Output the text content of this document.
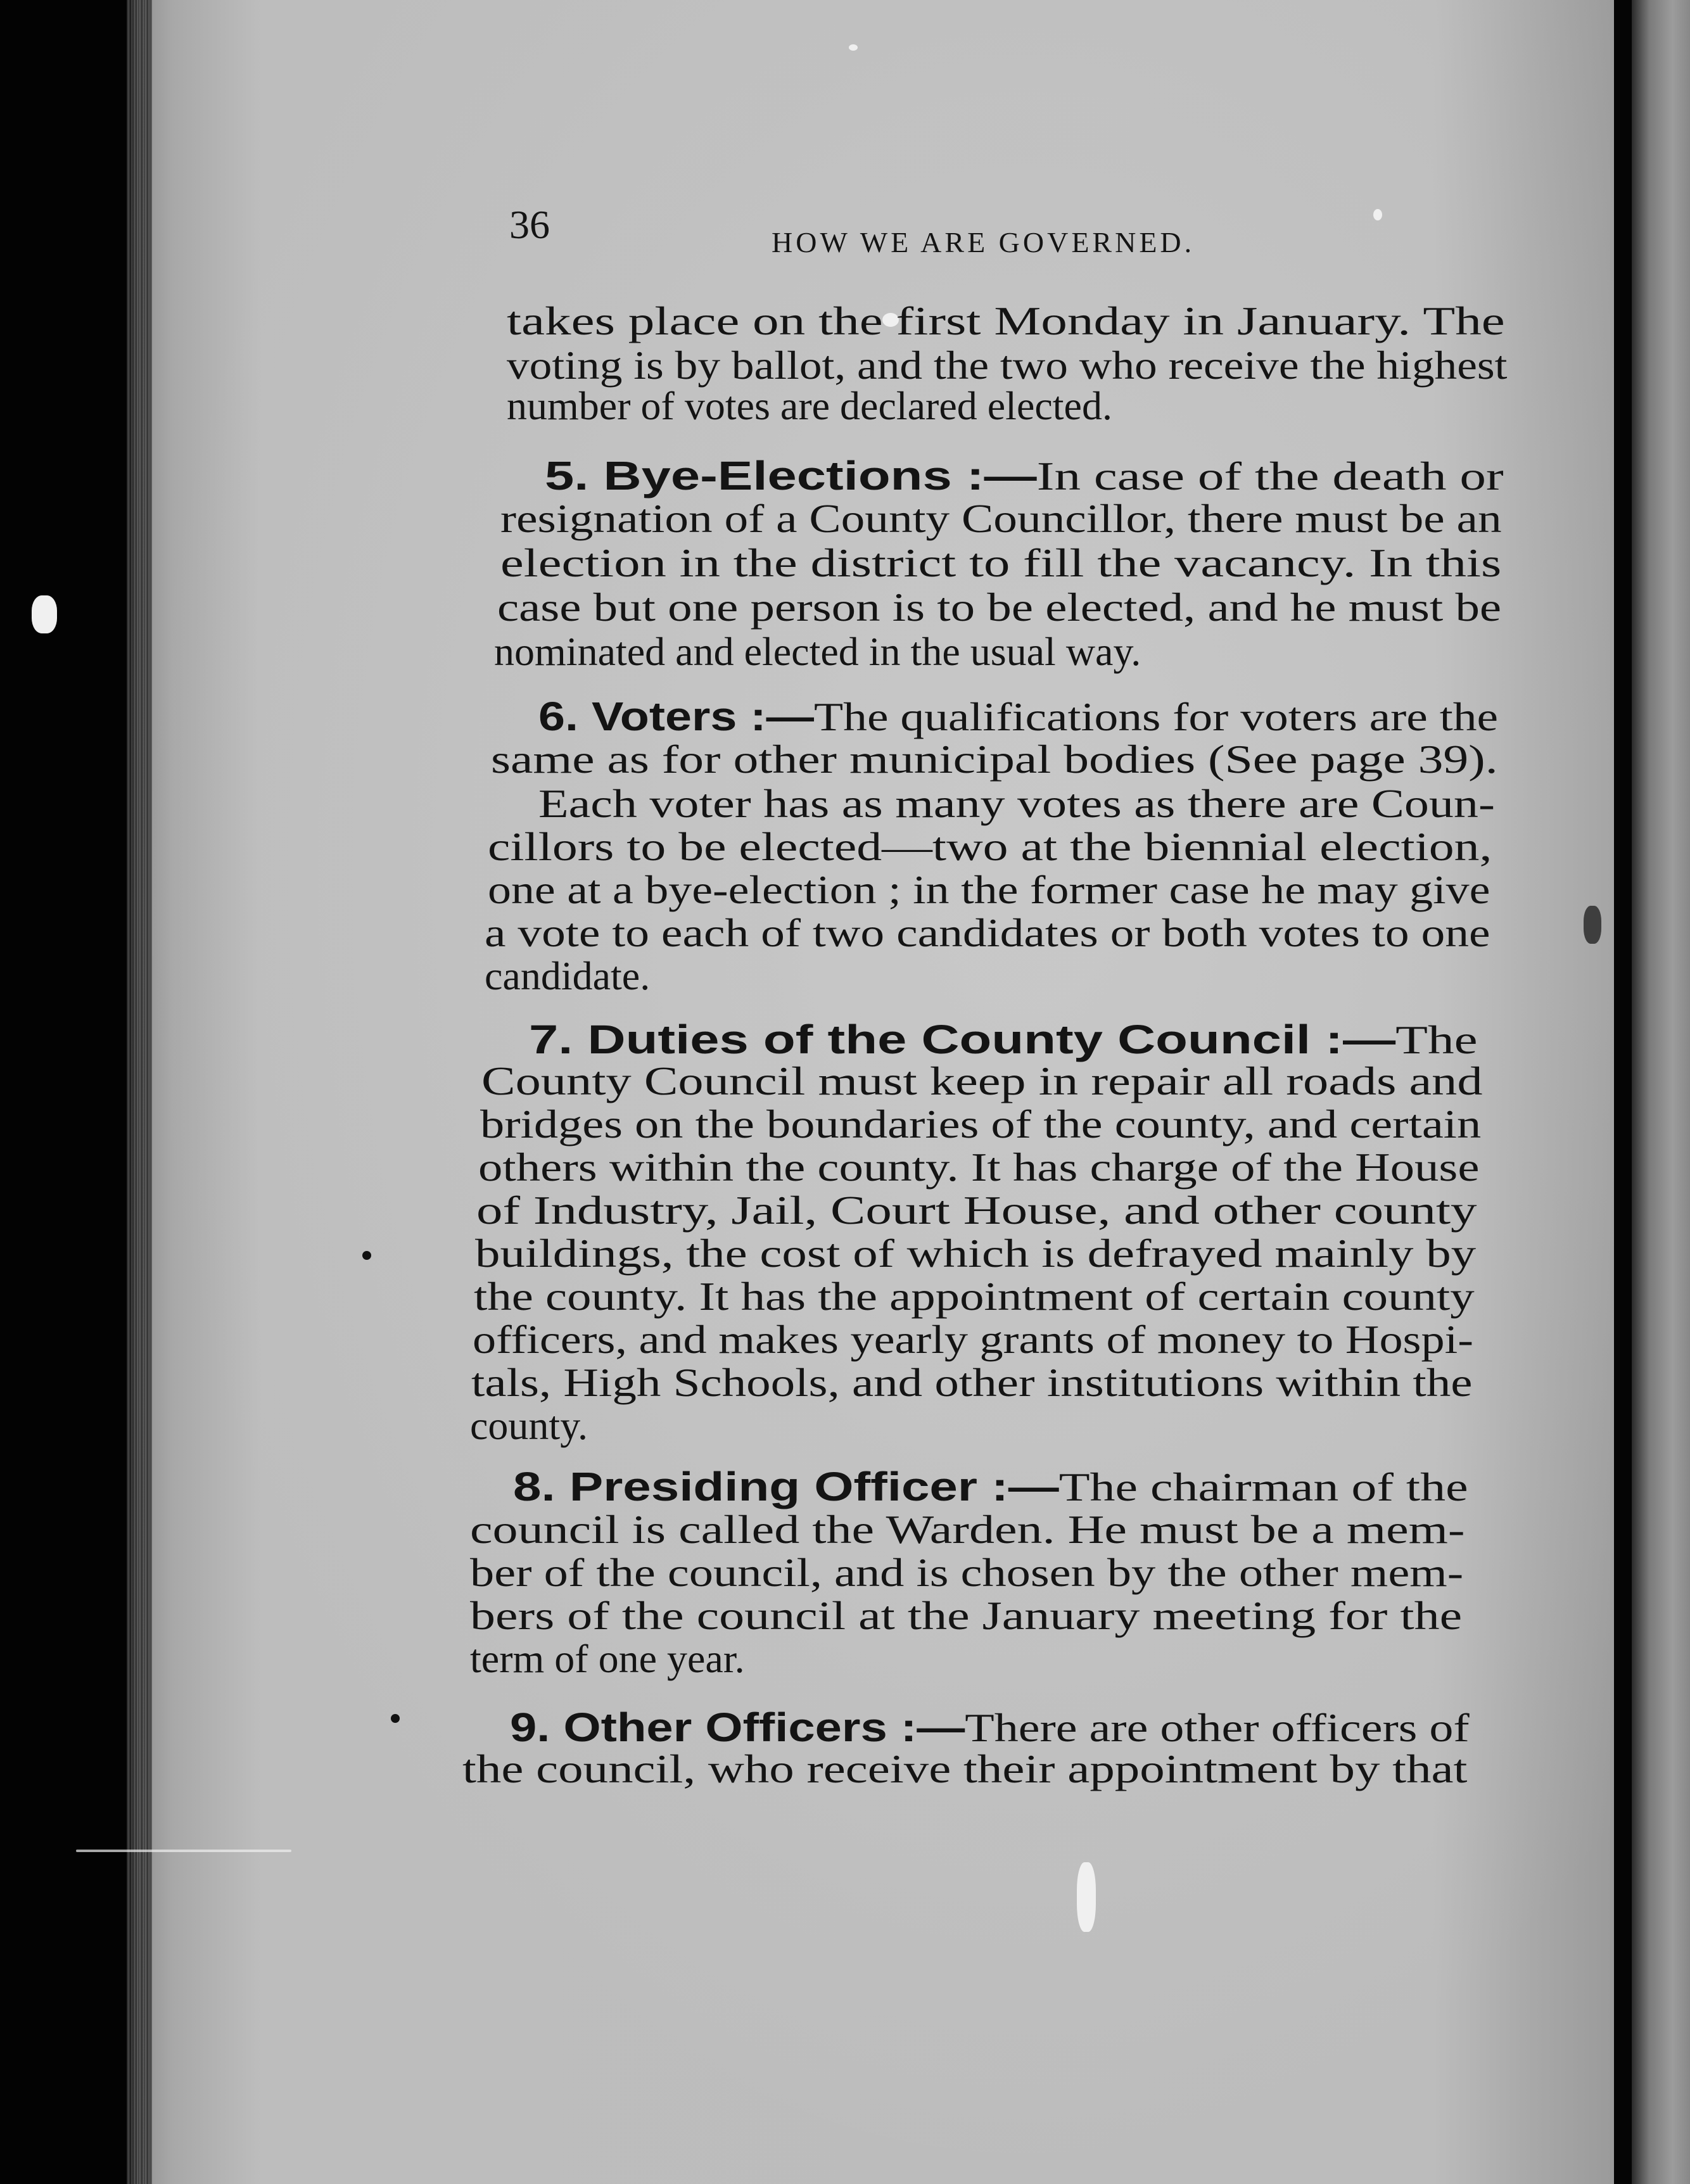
36	HOW WE ARE GOVERNED.
takes place on the first Monday in January. The
voting is by ballot, and the two who receive the highest
number of votes are declared elected.
5. Bye-Elections :—In case of the death or
resignation of a County Councillor, there must be an
election in the district to fill the vacancy. In this
case but one person is to be elected, and he must be
nominated and elected in the usual way.
6. Voters :—The qualifications for voters are the
same as for other municipal bodies (See page 39).
Each voter has as many votes as there are Coun-
cillors to be elected—two at the biennial election,
one at a bye-election ; in the former case he may give
a vote to each of two candidates or both votes to one
candidate.
7. Duties of the County Council :—The
County Council must keep in repair all roads and
bridges on the boundaries of the county, and certain
others within the county. It has charge of the House
of Industry, Jail, Court House, and other county
buildings, the cost of which is defrayed mainly by
the county. It has the appointment of certain county
officers, and makes yearly grants of money to Hospi-
tals, High Schools, and other institutions within the
county.
8. Presiding Officer :—The chairman of the
council is called the Warden. He must be a mem-
ber of the council, and is chosen by the other mem-
bers of the council at the January meeting for the
term of one year.
9. Other Officers :—There are other officers of
the council, who receive their appointment by that
